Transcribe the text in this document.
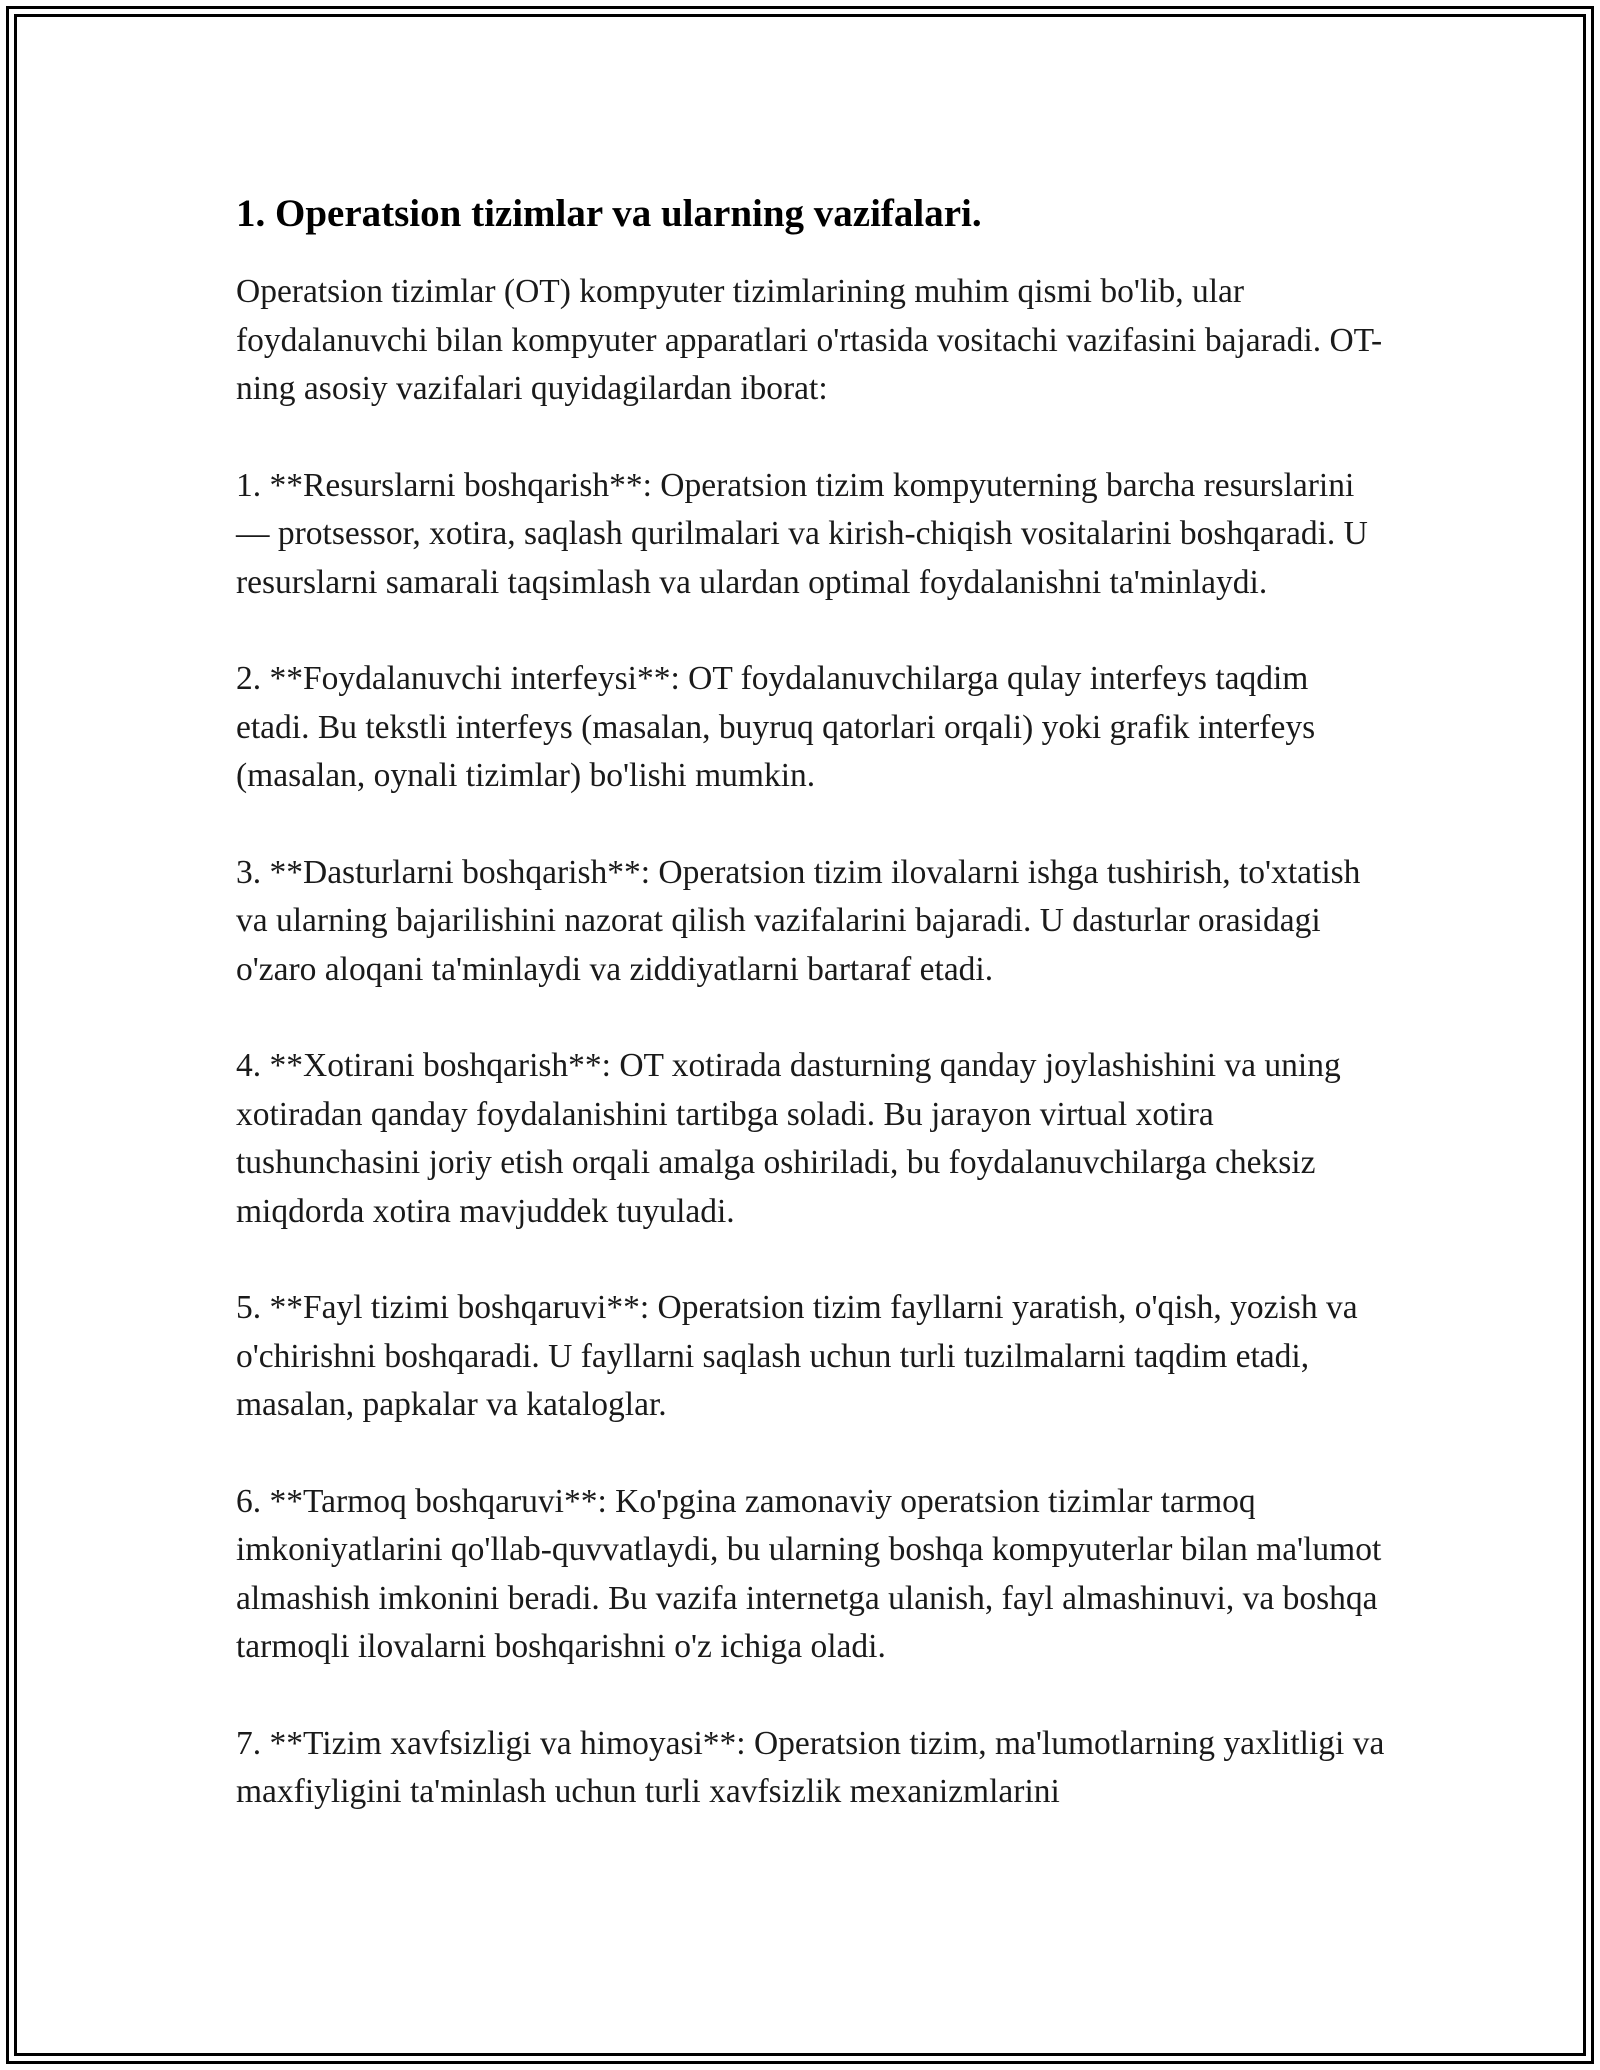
1. Operatsion tizimlar va ularning vazifalari.

Operatsion tizimlar (OT) kompyuter tizimlarining muhim qismi bo'lib, ular foydalanuvchi bilan kompyuter apparatlari o'rtasida vositachi vazifasini bajaradi. OT-ning asosiy vazifalari quyidagilardan iborat:

1. **Resurslarni boshqarish**: Operatsion tizim kompyuterning barcha resurslarini — protsessor, xotira, saqlash qurilmalari va kirish-chiqish vositalarini boshqaradi. U resurslarni samarali taqsimlash va ulardan optimal foydalanishni ta'minlaydi.

2. **Foydalanuvchi interfeysi**: OT foydalanuvchilarga qulay interfeys taqdim etadi. Bu tekstli interfeys (masalan, buyruq qatorlari orqali) yoki grafik interfeys (masalan, oynali tizimlar) bo'lishi mumkin.

3. **Dasturlarni boshqarish**: Operatsion tizim ilovalarni ishga tushirish, to'xtatish va ularning bajarilishini nazorat qilish vazifalarini bajaradi. U dasturlar orasidagi o'zaro aloqani ta'minlaydi va ziddiyatlarni bartaraf etadi.

4. **Xotirani boshqarish**: OT xotirada dasturning qanday joylashishini va uning xotiradan qanday foydalanishini tartibga soladi. Bu jarayon virtual xotira tushunchasini joriy etish orqali amalga oshiriladi, bu foydalanuvchilarga cheksiz miqdorda xotira mavjuddek tuyuladi.

5. **Fayl tizimi boshqaruvi**: Operatsion tizim fayllarni yaratish, o'qish, yozish va o'chirishni boshqaradi. U fayllarni saqlash uchun turli tuzilmalarni taqdim etadi, masalan, papkalar va kataloglar.

6. **Tarmoq boshqaruvi**: Ko'pgina zamonaviy operatsion tizimlar tarmoq imkoniyatlarini qo'llab-quvvatlaydi, bu ularning boshqa kompyuterlar bilan ma'lumot almashish imkonini beradi. Bu vazifa internetga ulanish, fayl almashinuvi, va boshqa tarmoqli ilovalarni boshqarishni o'z ichiga oladi.

7. **Tizim xavfsizligi va himoyasi**: Operatsion tizim, ma'lumotlarning yaxlitligi va maxfiyligini ta'minlash uchun turli xavfsizlik mexanizmlarini
